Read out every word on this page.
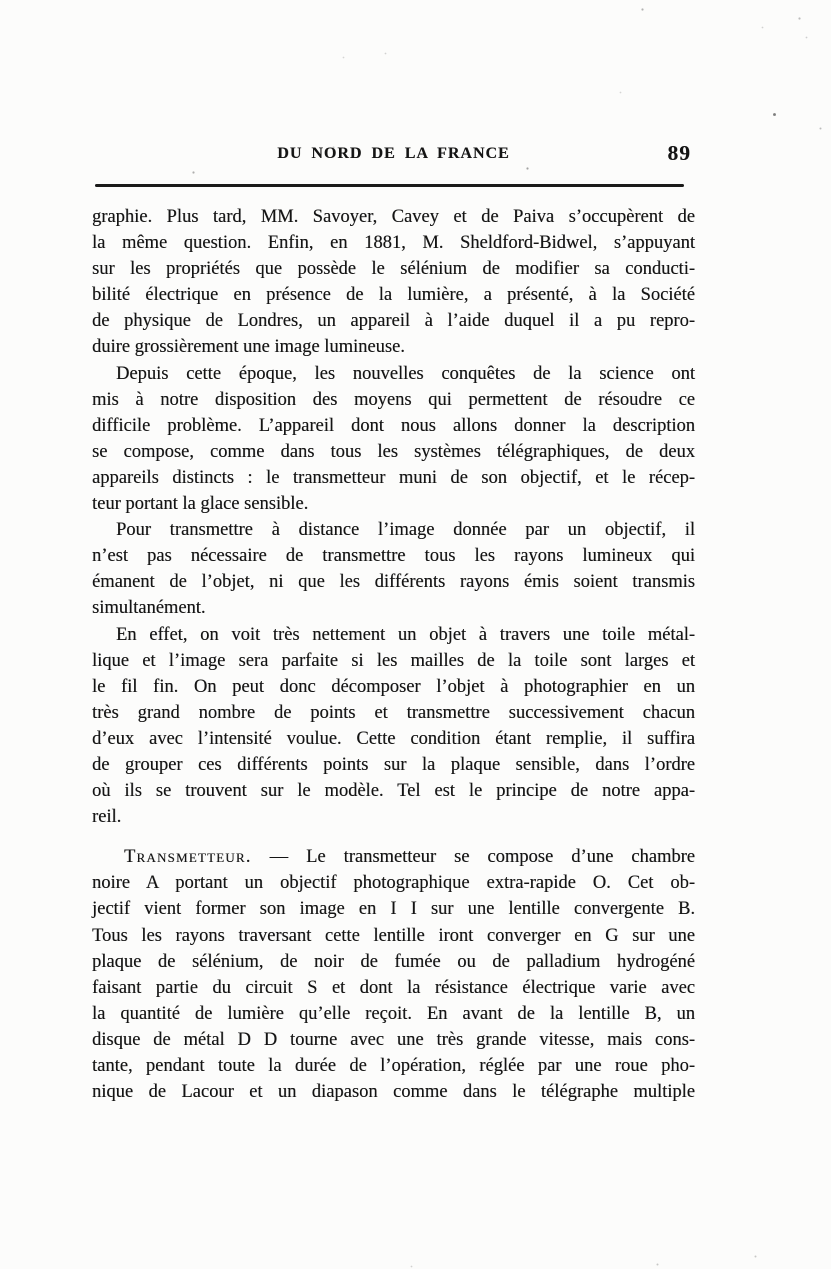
DU NORD DE LA FRANCE	89
graphie. Plus tard, MM. Savoyer, Cavey et de Paiva s’occupèrent de
la même question. Enfin, en 1881, M. Sheldford-Bidwel, s’appuyant
sur les propriétés que possède le sélénium de modifier sa conducti-
bilité électrique en présence de la lumière, a présenté, à la Société
de physique de Londres, un appareil à l’aide duquel il a pu repro-
duire grossièrement une image lumineuse.
Depuis cette époque, les nouvelles conquêtes de la science ont
mis à notre disposition des moyens qui permettent de résoudre ce
difficile problème. L’appareil dont nous allons donner la description
se compose, comme dans tous les systèmes télégraphiques, de deux
appareils distincts : le transmetteur muni de son objectif, et le récep-
teur portant la glace sensible.
Pour transmettre à distance l’image donnée par un objectif, il
n’est pas nécessaire de transmettre tous les rayons lumineux qui
émanent de l’objet, ni que les différents rayons émis soient transmis
simultanément.
En effet, on voit très nettement un objet à travers une toile métal-
lique et l’image sera parfaite si les mailles de la toile sont larges et
le fil fin. On peut donc décomposer l’objet à photographier en un
très grand nombre de points et transmettre successivement chacun
d’eux avec l’intensité voulue. Cette condition étant remplie, il suffira
de grouper ces différents points sur la plaque sensible, dans l’ordre
où ils se trouvent sur le modèle. Tel est le principe de notre appa-
reil.
Transmetteur. — Le transmetteur se compose d’une chambre
noire A portant un objectif photographique extra-rapide O. Cet ob-
jectif vient former son image en I I sur une lentille convergente B.
Tous les rayons traversant cette lentille iront converger en G sur une
plaque de sélénium, de noir de fumée ou de palladium hydrogéné
faisant partie du circuit S et dont la résistance électrique varie avec
la quantité de lumière qu’elle reçoit. En avant de la lentille B, un
disque de métal D D tourne avec une très grande vitesse, mais cons-
tante, pendant toute la durée de l’opération, réglée par une roue pho-
nique de Lacour et un diapason comme dans le télégraphe multiple
